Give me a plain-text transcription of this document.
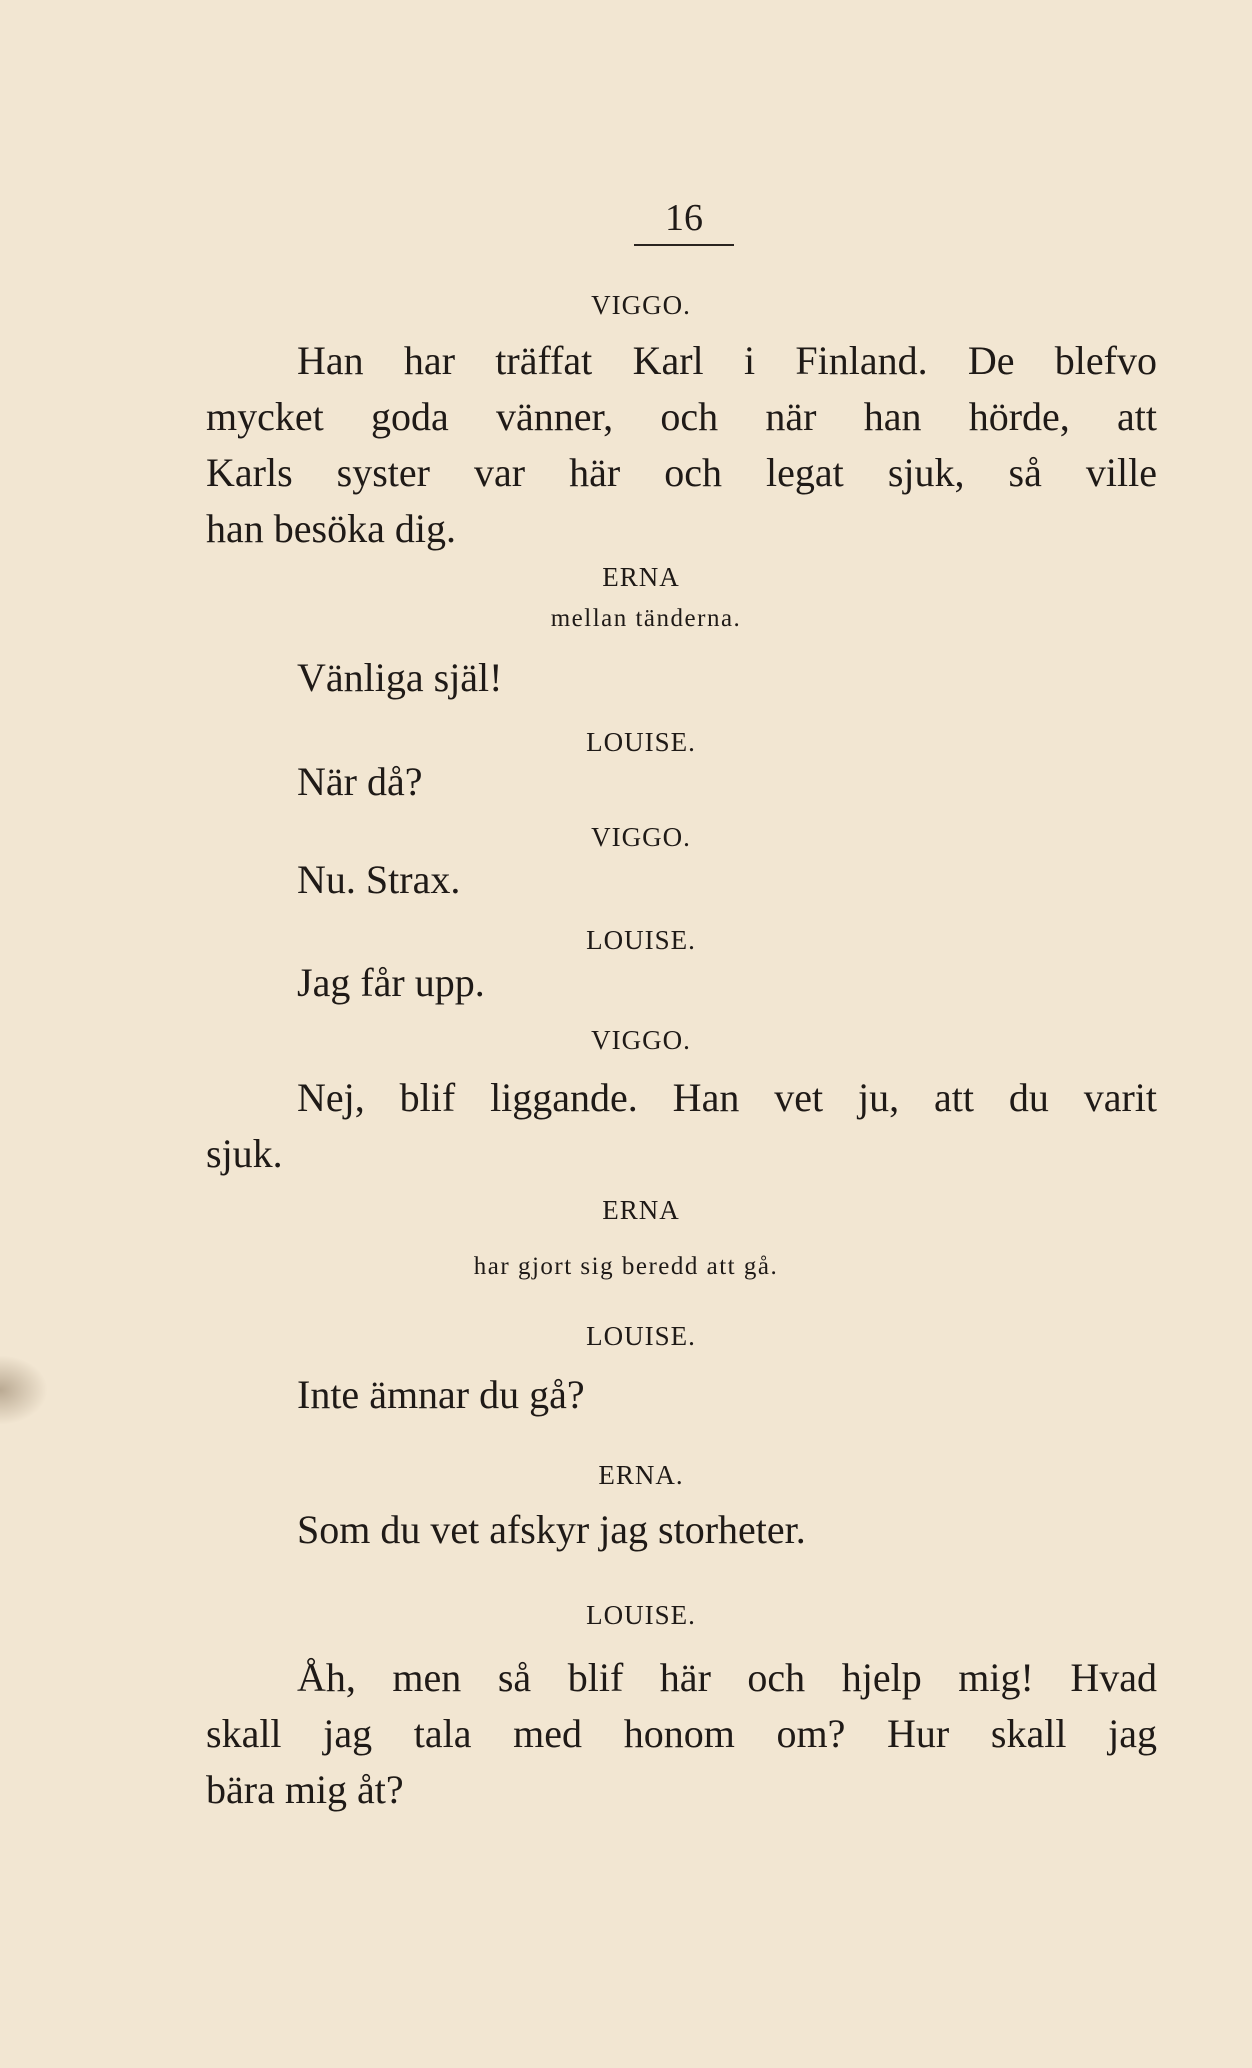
16
VIGGO.
Han har träffat Karl i Finland. De blefvo
mycket goda vänner, och när han hörde, att
Karls syster var här och legat sjuk, så ville
han besöka dig.
ERNA
mellan tänderna.
Vänliga själ!
LOUISE.
När då?
VIGGO.
Nu. Strax.
LOUISE.
Jag får upp.
VIGGO.
Nej, blif liggande. Han vet ju, att du varit
sjuk.
ERNA
har gjort sig beredd att gå.
LOUISE.
Inte ämnar du gå?
ERNA.
Som du vet afskyr jag storheter.
LOUISE.
Åh, men så blif här och hjelp mig! Hvad
skall jag tala med honom om? Hur skall jag
bära mig åt?
